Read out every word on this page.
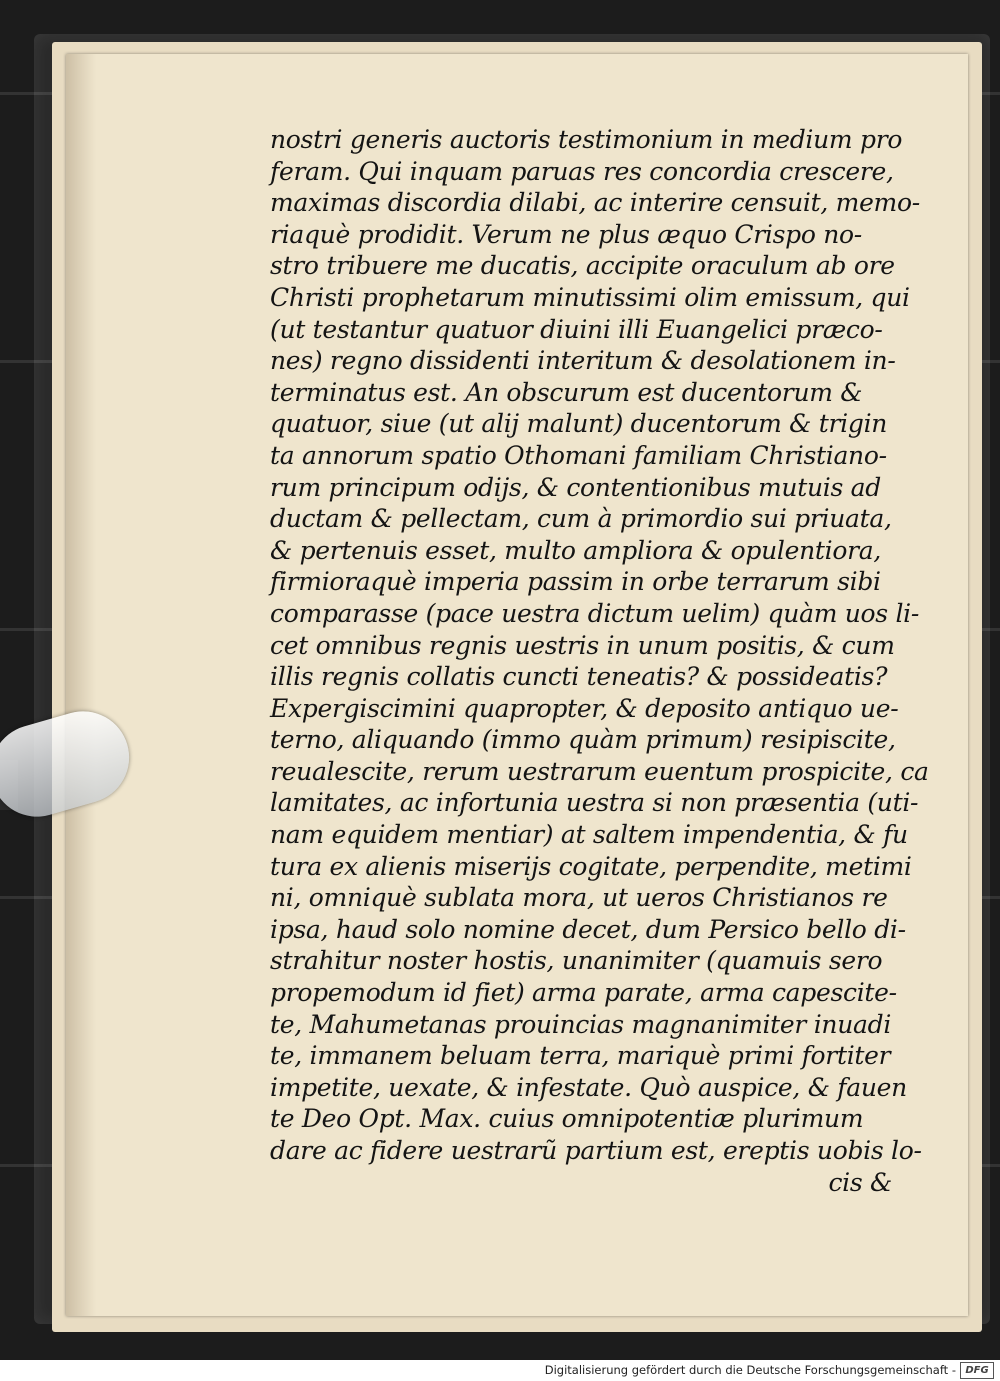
nostri generis auctoris testimonium in medium pro
feram. Qui inquam paruas res concordia crescere,
maximas discordia dilabi, ac interire censuit, memo-
riaquè prodidit. Verum ne plus æquo Crispo no-
stro tribuere me ducatis, accipite oraculum ab ore
Christi prophetarum minutissimi olim emissum, qui
(ut testantur quatuor diuini illi Euangelici præco-
nes) regno dissidenti interitum & desolationem in-
terminatus est. An obscurum est ducentorum &
quatuor, siue (ut alij malunt) ducentorum & trigin
ta annorum spatio Othomani familiam Christiano-
rum principum odijs, & contentionibus mutuis ad
ductam & pellectam, cum à primordio sui priuata,
& pertenuis esset, multo ampliora & opulentiora,
firmioraquè imperia passim in orbe terrarum sibi
comparasse (pace uestra dictum uelim) quàm uos li-
cet omnibus regnis uestris in unum positis, & cum
illis regnis collatis cuncti teneatis? & possideatis?
Expergiscimini quapropter, & deposito antiquo ue-
terno, aliquando (immo quàm primum) resipiscite,
reualescite, rerum uestrarum euentum prospicite, ca
lamitates, ac infortunia uestra si non præsentia (uti-
nam equidem mentiar) at saltem impendentia, & fu
tura ex alienis miserijs cogitate, perpendite, metimi
ni, omniquè sublata mora, ut ueros Christianos re
ipsa, haud solo nomine decet, dum Persico bello di-
strahitur noster hostis, unanimiter (quamuis sero
propemodum id fiet) arma parate, arma capescite-
te, Mahumetanas prouincias magnanimiter inuadi
te, immanem beluam terra, mariquè primi fortiter
impetite, uexate, & infestate. Quò auspice, & fauen
te Deo Opt. Max. cuius omnipotentiæ plurimum
dare ac fidere uestrarũ partium est, ereptis uobis lo-
cis &
Digitalisierung gefördert durch die Deutsche Forschungsgemeinschaft - DFG
